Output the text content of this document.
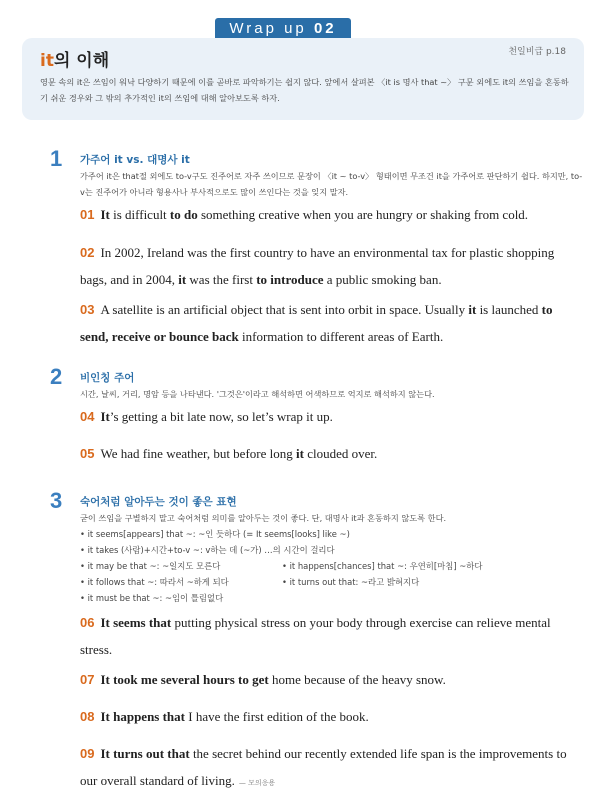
Wrap up 02
it의 이해	천일비급 p.18
영문 속의 it은 쓰임이 워낙 다양하기 때문에 이를 곧바로 파악하기는 쉽지 않다. 앞에서 살펴본 〈it is 명사 that ~〉 구문 외에도 it의 쓰임을 혼동하기 쉬운 경우와 그 밖의 추가적인 it의 쓰임에 대해 알아보도록 하자.
1 가주어 it vs. 대명사 it
가주어 it은 that절 외에도 to-v구도 진주어로 자주 쓰이므로 문장이 〈it ~ to-v〉 형태이면 무조건 it을 가주어로 판단하기 쉽다. 하지만, to-v는 진주어가 아니라 형용사나 부사적으로도 많이 쓰인다는 것을 잊지 말자.
01 It is difficult to do something creative when you are hungry or shaking from cold.
02 In 2002, Ireland was the first country to have an environmental tax for plastic shopping bags, and in 2004, it was the first to introduce a public smoking ban.
03 A satellite is an artificial object that is sent into orbit in space. Usually it is launched to send, receive or bounce back information to different areas of Earth.
2 비인칭 주어
시간, 날씨, 거리, 명암 등을 나타낸다. '그것은'이라고 해석하면 어색하므로 억지로 해석하지 않는다.
04 It’s getting a bit late now, so let’s wrap it up.
05 We had fine weather, but before long it clouded over.
3 숙어처럼 알아두는 것이 좋은 표현
굳이 쓰임을 구별하지 말고 숙어처럼 의미를 알아두는 것이 좋다. 단, 대명사 it과 혼동하지 않도록 한다.
• it seems[appears] that ~: ~인 듯하다 (= It seems[looks] like ~)
• it takes (사람)+시간+to-v ~: v하는 데 (~가) …의 시간이 걸리다
• it may be that ~: ~일지도 모른다	• it happens[chances] that ~: 우연히[마침] ~하다
• it follows that ~: 따라서 ~하게 되다	• it turns out that: ~라고 밝혀지다
• it must be that ~: ~임이 틀림없다
06 It seems that putting physical stress on your body through exercise can relieve mental stress.
07 It took me several hours to get home because of the heavy snow.
08 It happens that I have the first edition of the book.
09 It turns out that the secret behind our recently extended life span is the improvements to our overall standard of living. — 모의응용
